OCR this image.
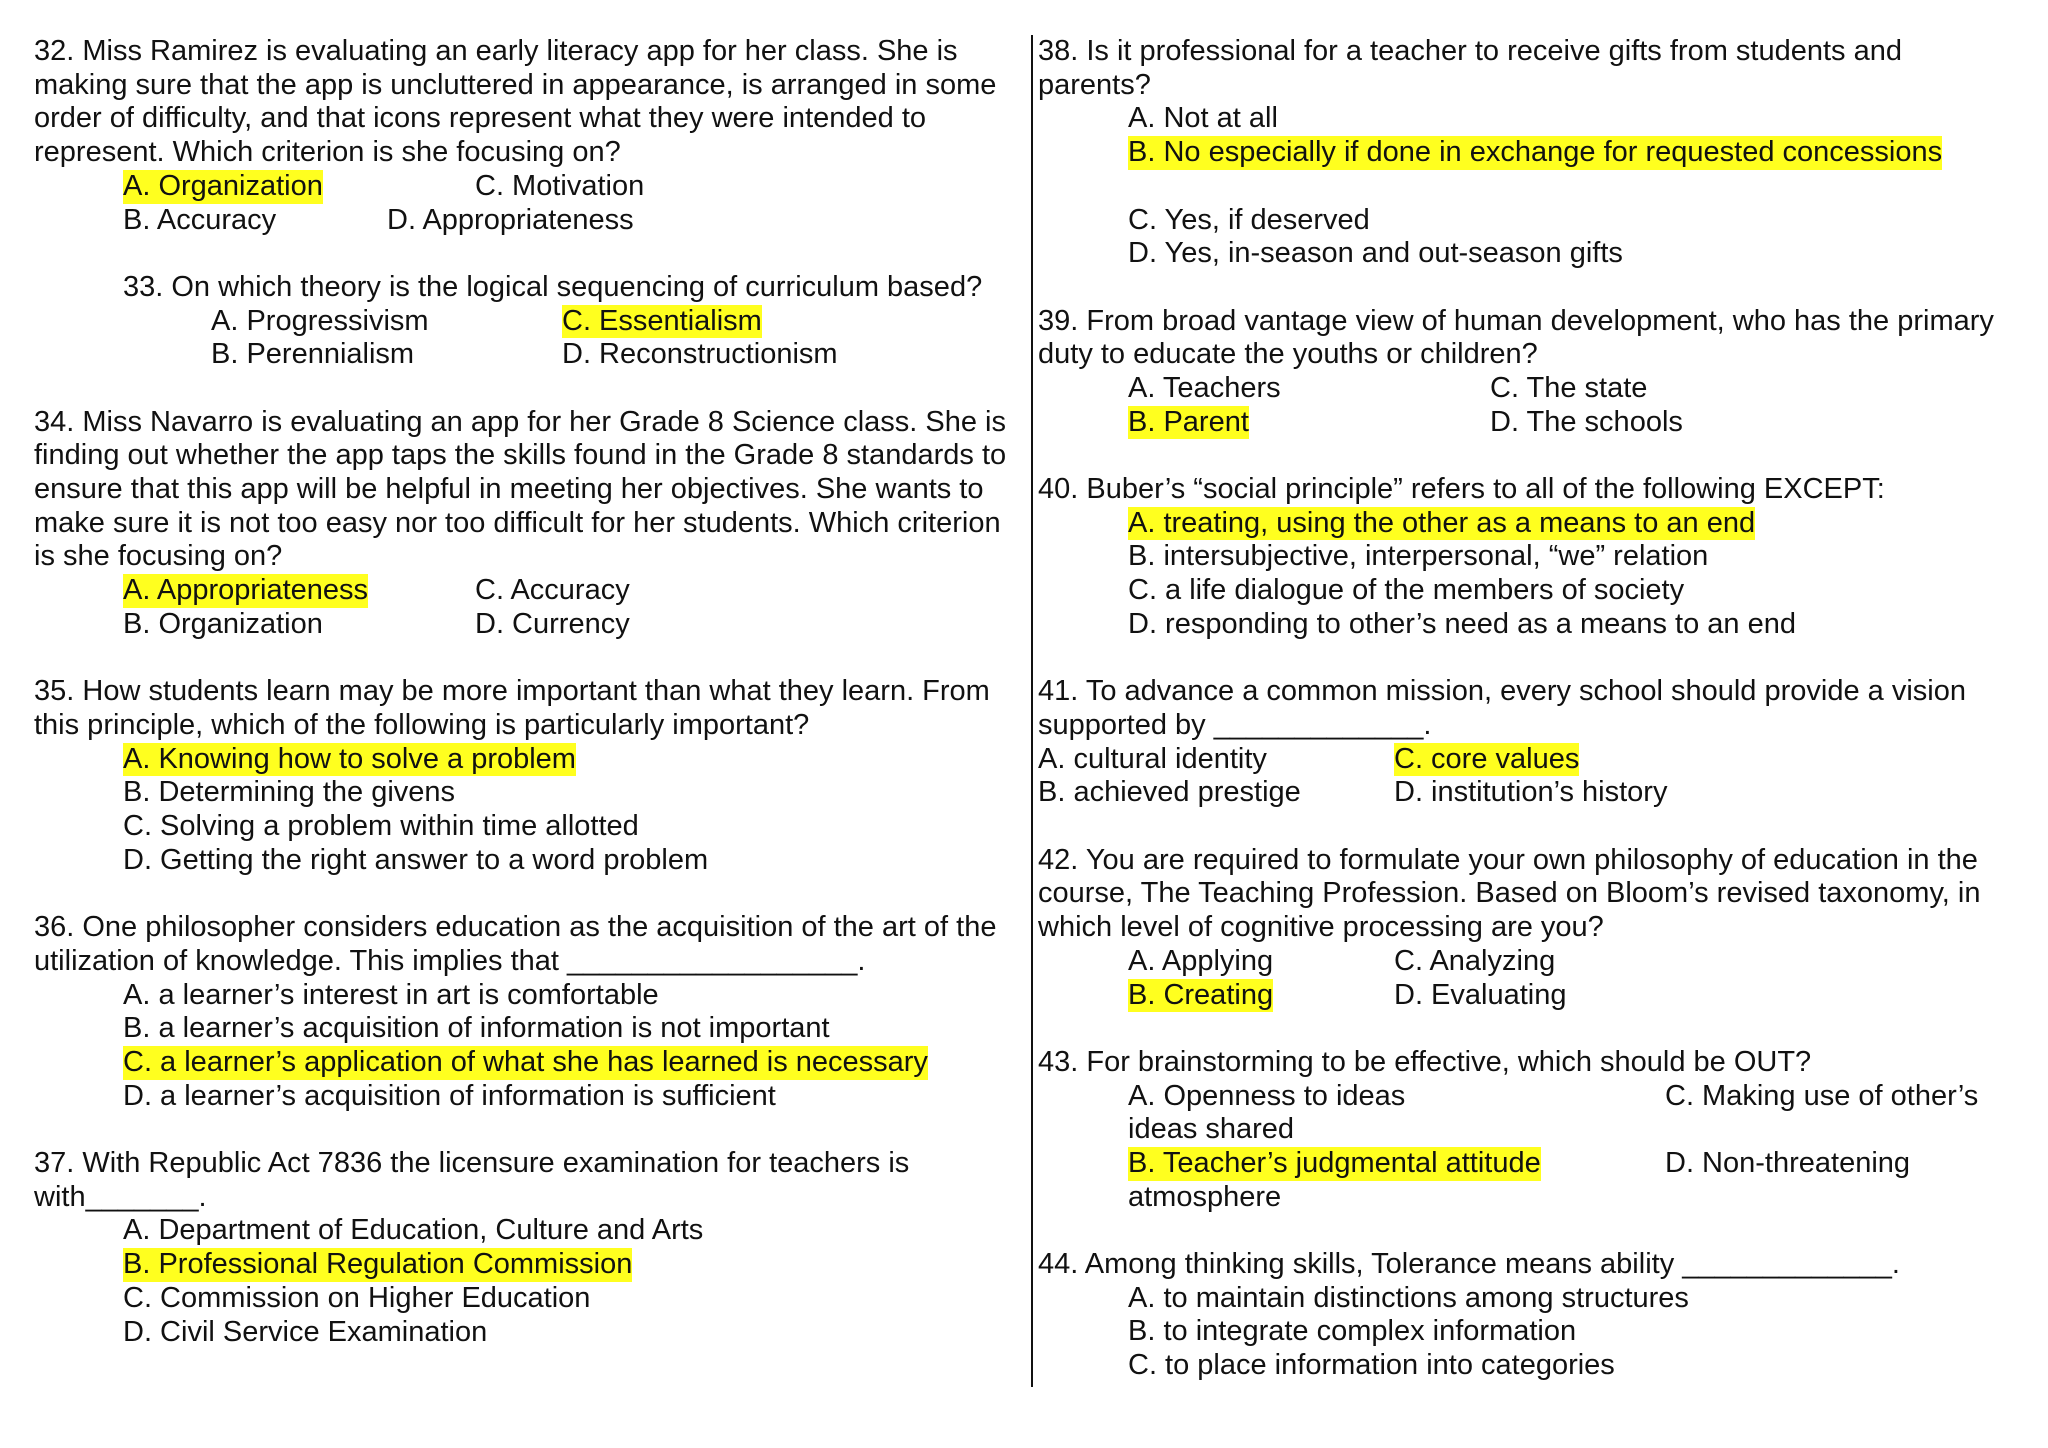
32. Miss Ramirez is evaluating an early literacy app for her class. She is
making sure that the app is uncluttered in appearance, is arranged in some
order of difficulty, and that icons represent what they were intended to
represent. Which criterion is she focusing on?
A. Organization	C. Motivation
B. Accuracy	D. Appropriateness
33. On which theory is the logical sequencing of curriculum based?
A. Progressivism	C. Essentialism
B. Perennialism	D. Reconstructionism
34. Miss Navarro is evaluating an app for her Grade 8 Science class. She is
finding out whether the app taps the skills found in the Grade 8 standards to
ensure that this app will be helpful in meeting her objectives. She wants to
make sure it is not too easy nor too difficult for her students. Which criterion
is she focusing on?
A. Appropriateness	C. Accuracy
B. Organization	D. Currency
35. How students learn may be more important than what they learn. From
this principle, which of the following is particularly important?
A. Knowing how to solve a problem
B. Determining the givens
C. Solving a problem within time allotted
D. Getting the right answer to a word problem
36. One philosopher considers education as the acquisition of the art of the
utilization of knowledge. This implies that __________________.
A. a learner’s interest in art is comfortable
B. a learner’s acquisition of information is not important
C. a learner’s application of what she has learned is necessary
D. a learner’s acquisition of information is sufficient
37. With Republic Act 7836 the licensure examination for teachers is
with_______.
A. Department of Education, Culture and Arts
B. Professional Regulation Commission
C. Commission on Higher Education
D. Civil Service Examination
38. Is it professional for a teacher to receive gifts from students and
parents?
A. Not at all
B. No especially if done in exchange for requested concessions
C. Yes, if deserved
D. Yes, in-season and out-season gifts
39. From broad vantage view of human development, who has the primary
duty to educate the youths or children?
A. Teachers	C. The state
B. Parent	D. The schools
40. Buber’s “social principle” refers to all of the following EXCEPT:
A. treating, using the other as a means to an end
B. intersubjective, interpersonal, “we” relation
C. a life dialogue of the members of society
D. responding to other’s need as a means to an end
41. To advance a common mission, every school should provide a vision
supported by _____________.
A. cultural identity	C. core values
B. achieved prestige	D. institution’s history
42. You are required to formulate your own philosophy of education in the
course, The Teaching Profession. Based on Bloom’s revised taxonomy, in
which level of cognitive processing are you?
A. Applying	C. Analyzing
B. Creating	D. Evaluating
43. For brainstorming to be effective, which should be OUT?
A. Openness to ideas	C. Making use of other’s
ideas shared
B. Teacher’s judgmental attitude	D. Non-threatening
atmosphere
44. Among thinking skills, Tolerance means ability _____________.
A. to maintain distinctions among structures
B. to integrate complex information
C. to place information into categories
